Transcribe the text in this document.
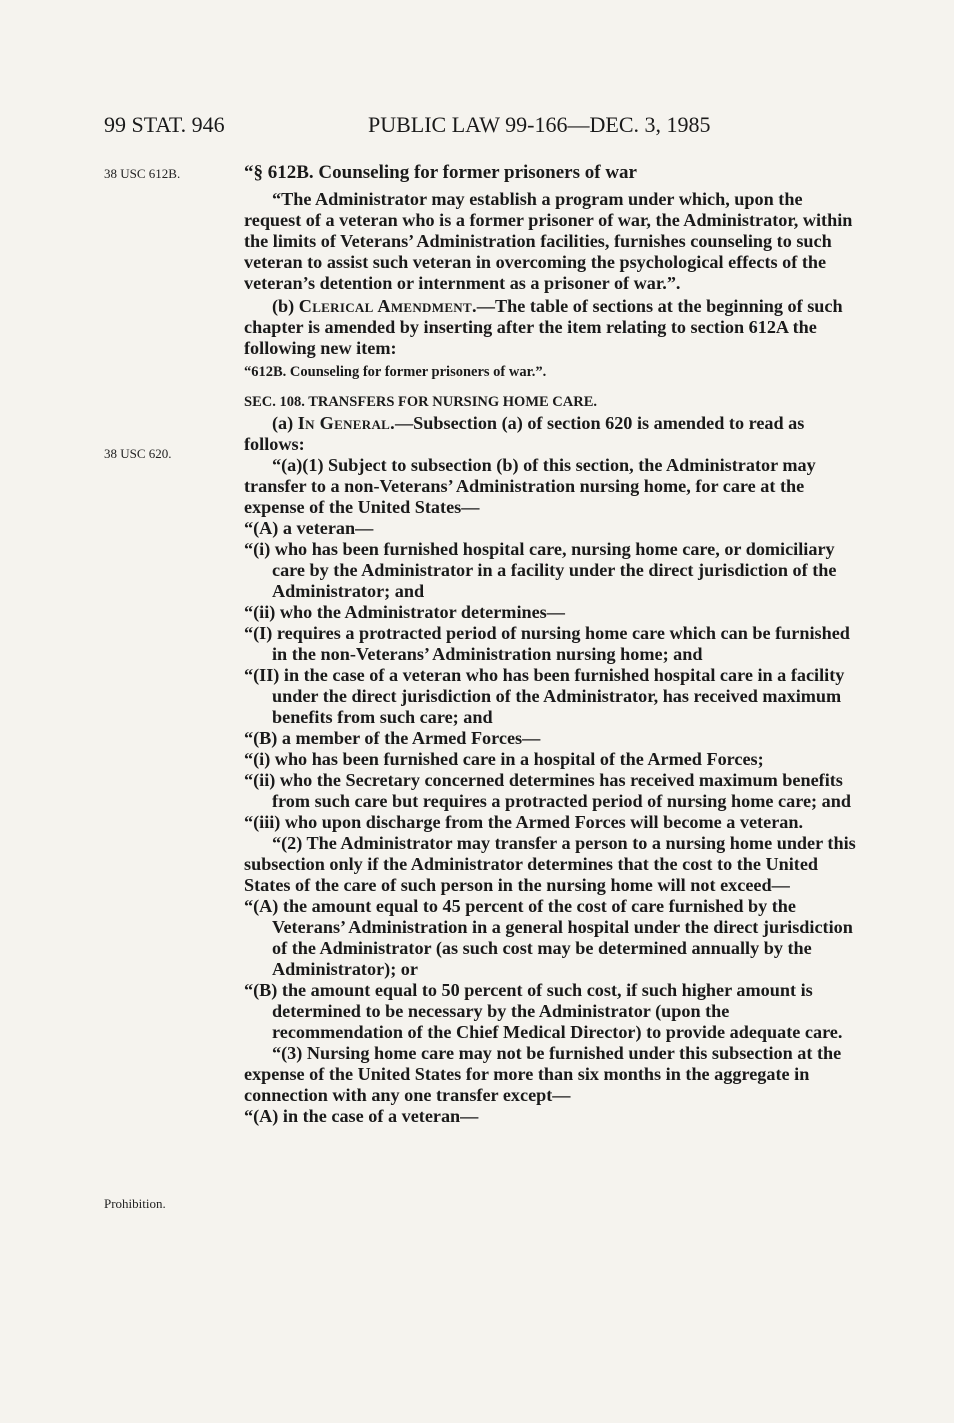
99 STAT. 946	PUBLIC LAW 99-166—DEC. 3, 1985
38 USC 612B.
38 USC 620.
Prohibition.

“§ 612B. Counseling for former prisoners of war

“The Administrator may establish a program under which, upon the request of a veteran who is a former prisoner of war, the Administrator, within the limits of Veterans’ Administration facilities, furnishes counseling to such veteran to assist such veteran in overcoming the psychological effects of the veteran’s detention or internment as a prisoner of war.”.

(b) Clerical Amendment.—The table of sections at the beginning of such chapter is amended by inserting after the item relating to section 612A the following new item:

“612B. Counseling for former prisoners of war.”.

SEC. 108. TRANSFERS FOR NURSING HOME CARE.

(a) In General.—Subsection (a) of section 620 is amended to read as follows:

“(a)(1) Subject to subsection (b) of this section, the Administrator may transfer to a non-Veterans’ Administration nursing home, for care at the expense of the United States—

“(A) a veteran—

“(i) who has been furnished hospital care, nursing home care, or domiciliary care by the Administrator in a facility under the direct jurisdiction of the Administrator; and

“(ii) who the Administrator determines—

“(I) requires a protracted period of nursing home care which can be furnished in the non-Veterans’ Administration nursing home; and

“(II) in the case of a veteran who has been furnished hospital care in a facility under the direct jurisdiction of the Administrator, has received maximum benefits from such care; and

“(B) a member of the Armed Forces—

“(i) who has been furnished care in a hospital of the Armed Forces;

“(ii) who the Secretary concerned determines has received maximum benefits from such care but requires a protracted period of nursing home care; and

“(iii) who upon discharge from the Armed Forces will become a veteran.

“(2) The Administrator may transfer a person to a nursing home under this subsection only if the Administrator determines that the cost to the United States of the care of such person in the nursing home will not exceed—

“(A) the amount equal to 45 percent of the cost of care furnished by the Veterans’ Administration in a general hospital under the direct jurisdiction of the Administrator (as such cost may be determined annually by the Administrator); or

“(B) the amount equal to 50 percent of such cost, if such higher amount is determined to be necessary by the Administrator (upon the recommendation of the Chief Medical Director) to provide adequate care.

“(3) Nursing home care may not be furnished under this subsection at the expense of the United States for more than six months in the aggregate in connection with any one transfer except—

“(A) in the case of a veteran—
